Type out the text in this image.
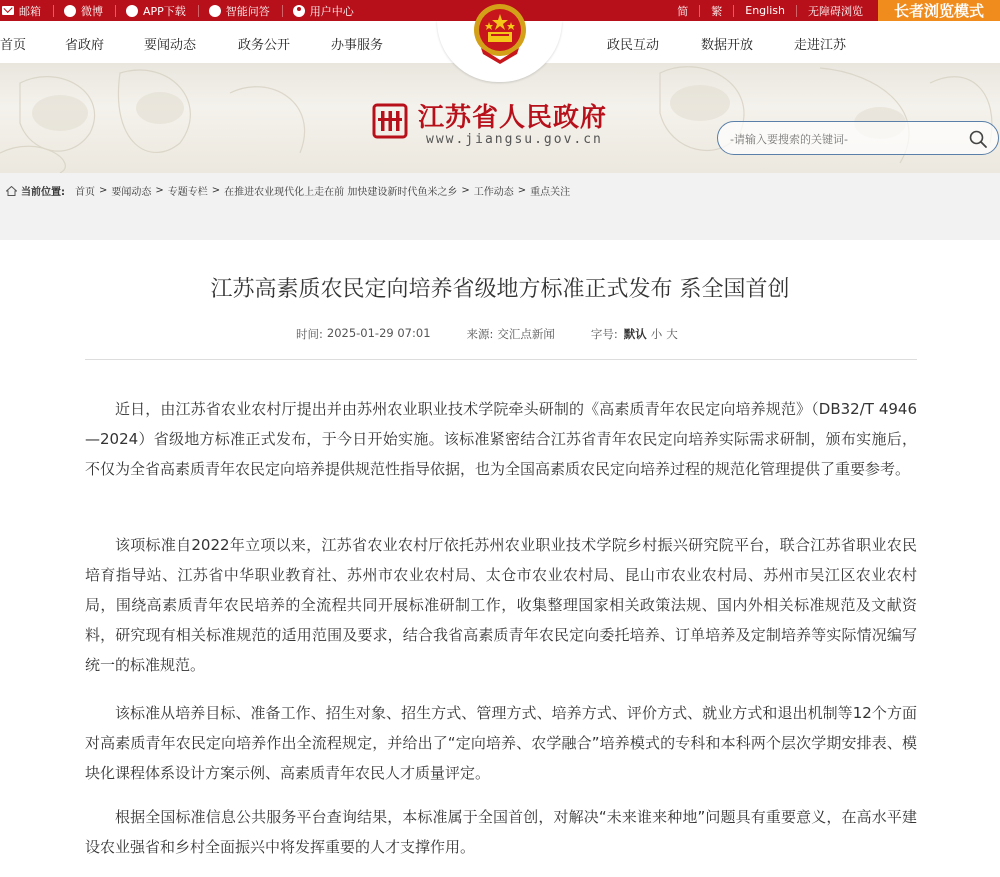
邮箱	微博	APP下载	智能问答	用户中心	简	繁	English	无障碍浏览	长者浏览模式
首页	省政府	要闻动态	政务公开	办事服务	政民互动	数据开放	走进江苏
江苏省人民政府
www.jiangsu.gov.cn
-请输入要搜索的关键词-
当前位置: 首页 > 要闻动态 > 专题专栏 > 在推进农业现代化上走在前 加快建设新时代鱼米之乡 > 工作动态 > 重点关注
江苏高素质农民定向培养省级地方标准正式发布 系全国首创
时间: 2025-01-29 07:01	来源: 交汇点新闻	字号: 默认 小 大

近日，由江苏省农业农村厅提出并由苏州农业职业技术学院牵头研制的《高素质青年农民定向培养规范》（DB32/T 4946—2024）省级地方标准正式发布，于今日开始实施。该标准紧密结合江苏省青年农民定向培养实际需求研制，颁布实施后，不仅为全省高素质青年农民定向培养提供规范性指导依据，也为全国高素质农民定向培养过程的规范化管理提供了重要参考。

该项标准自2022年立项以来，江苏省农业农村厅依托苏州农业职业技术学院乡村振兴研究院平台，联合江苏省职业农民培育指导站、江苏省中华职业教育社、苏州市农业农村局、太仓市农业农村局、昆山市农业农村局、苏州市吴江区农业农村局，围绕高素质青年农民培养的全流程共同开展标准研制工作，收集整理国家相关政策法规、国内外相关标准规范及文献资料，研究现有相关标准规范的适用范围及要求，结合我省高素质青年农民定向委托培养、订单培养及定制培养等实际情况编写统一的标准规范。

该标准从培养目标、准备工作、招生对象、招生方式、管理方式、培养方式、评价方式、就业方式和退出机制等12个方面对高素质青年农民定向培养作出全流程规定，并给出了“定向培养、农学融合”培养模式的专科和本科两个层次学期安排表、模块化课程体系设计方案示例、高素质青年农民人才质量评定。

根据全国标准信息公共服务平台查询结果，本标准属于全国首创，对解决“未来谁来种地”问题具有重要意义，在高水平建设农业强省和乡村全面振兴中将发挥重要的人才支撑作用。
